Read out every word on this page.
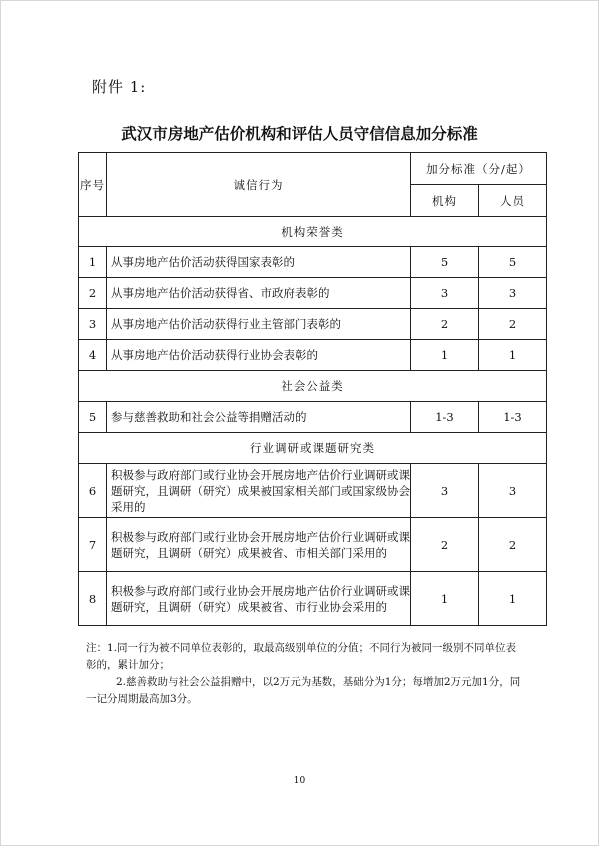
附件 1:
武汉市房地产估价机构和评估人员守信信息加分标准
序号	诚信行为	加分标准（分/起）	
		机构	人员
机构荣誉类			
1	从事房地产估价活动获得国家表彰的	5	5
2	从事房地产估价活动获得省、市政府表彰的	3	3
3	从事房地产估价活动获得行业主管部门表彰的	2	2
4	从事房地产估价活动获得行业协会表彰的	1	1
社会公益类			
5	参与慈善救助和社会公益等捐赠活动的	1-3	1-3
行业调研或课题研究类			
6	积极参与政府部门或行业协会开展房地产估价行业调研或课题研究，且调研（研究）成果被国家相关部门或国家级协会采用的	3	3
7	积极参与政府部门或行业协会开展房地产估价行业调研或课题研究，且调研（研究）成果被省、市相关部门采用的	2	2
8	积极参与政府部门或行业协会开展房地产估价行业调研或课题研究，且调研（研究）成果被省、市行业协会采用的	1	1

注：1.同一行为被不同单位表彰的，取最高级别单位的分值；不同行为被同一级别不同单位表彰的，累计加分；

2.慈善救助与社会公益捐赠中，以2万元为基数，基础分为1分；每增加2万元加1分，同一记分周期最高加3分。

10
